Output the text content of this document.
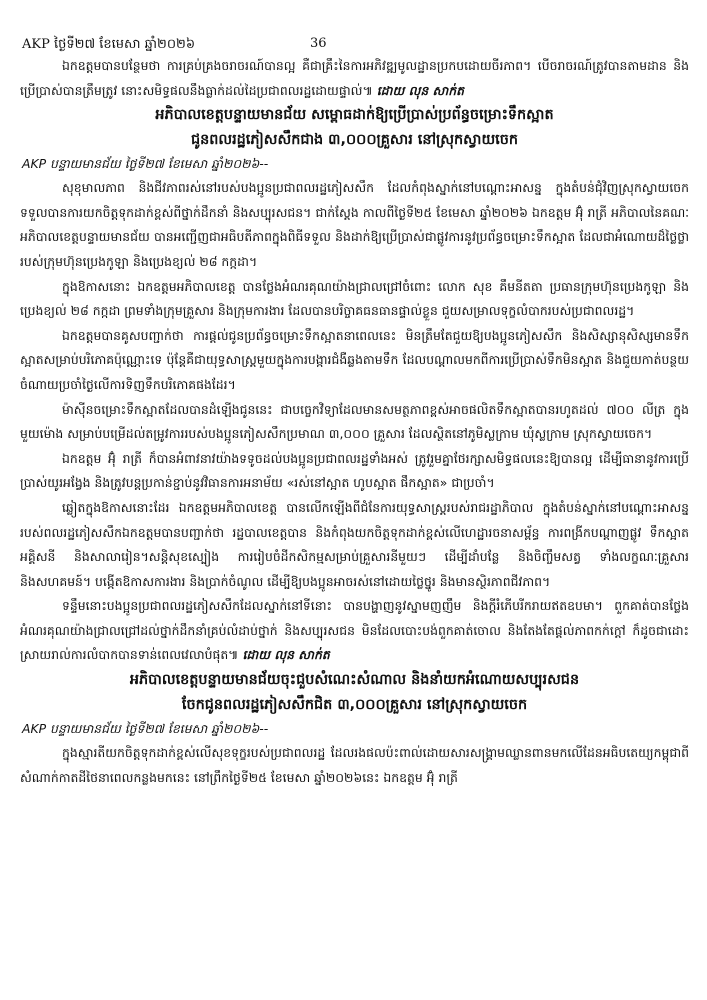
AKP ថ្ងៃទី២៧ ខែមេសា ឆ្នាំ២០២៦	36

ឯកឧត្ដមបានបន្ថែមថា ការគ្រប់គ្រងចរាចរណ៍បានល្អ គឺជាគ្រឹះនៃការអភិវឌ្ឍមូលដ្ឋានប្រកបដោយចីរភាព។ បើចរាចរណ៍ត្រូវបានតាមដាន និងប្រើប្រាស់បានត្រឹមត្រូវ នោះសមិទ្ធផលនឹងធ្លាក់ដល់ដៃប្រជាពលរដ្ឋដោយផ្ទាល់៕ ដោយ លុន សាក់ត

អភិបាលខេត្តបន្ទាយមានជ័យ សម្ពោធដាក់ឱ្យប្រើប្រាស់ប្រព័ន្ធចម្រោះទឹកស្អាត

ជូនពលរដ្ឋភៀសសឹកជាង ៣,០០០គ្រួសារ នៅស្រុកស្វាយចេក

AKP បន្ទាយមានជ័យ ថ្ងៃទី២៧ ខែមេសា ឆ្នាំ២០២៦--

សុខុមាលភាព និងជីវភាពរស់នៅរបស់បងប្អូនប្រជាពលរដ្ឋភៀសសឹក ដែលកំពុងស្នាក់នៅបណ្ដោះអាសន្ន ក្នុងតំបន់ជុំវិញស្រុកស្វាយចេក ទទួលបានការយកចិត្តទុកដាក់ខ្ពស់ពីថ្នាក់ដឹកនាំ និងសប្បុរសជន។ ជាក់ស្ដែង កាលពីថ្ងៃទី២៥ ខែមេសា ឆ្នាំ២០២៦ ឯកឧត្តម អ៊ុំ រាត្រី អភិបាលនៃគណៈអភិបាលខេត្តបន្ទាយមានជ័យ បានអញ្ជើញជាអធិបតីភាពក្នុងពិធីទទួល និងដាក់ឱ្យប្រើប្រាស់ជាផ្លូវការនូវប្រព័ន្ធចម្រោះទឹកស្អាត ដែលជាអំណោយដ៏ថ្លៃថ្លារបស់ក្រុមហ៊ុនប្រេងកូឡា និងប្រេងខ្យល់ ២៨ កក្កដា។

ក្នុងឱកាសនោះ ឯកឧត្តមអភិបាលខេត្ត បានថ្លែងអំណរគុណយ៉ាងជ្រាលជ្រៅចំពោះ លោក សុខ គឹមនីតតា ប្រធានក្រុមហ៊ុនប្រេងកូឡា និងប្រេងខ្យល់ ២៨ កក្កដា ព្រមទាំងក្រុមគ្រួសារ និងក្រុមការងារ ដែលបានបរិច្ចាគធនធានផ្ទាល់ខ្លួន ជួយសម្រាលទុក្ខលំបាករបស់ប្រជាពលរដ្ឋ។

ឯកឧត្តមបានគូសបញ្ជាក់ថា ការផ្ដល់ជូនប្រព័ន្ធចម្រោះទឹកស្អាតនាពេលនេះ មិនត្រឹមតែជួយឱ្យបងប្អូនភៀសសឹក និងសិស្សានុសិស្សមានទឹកស្អាតសម្រាប់បរិភោគប៉ុណ្ណោះទេ ប៉ុន្ដែគឺជាយុទ្ធសាស្ត្រមួយក្នុងការបង្ការជំងឺឆ្លងតាមទឹក ដែលបណ្ដាលមកពីការប្រើប្រាស់ទឹកមិនស្អាត និងជួយកាត់បន្ថយចំណាយប្រចាំថ្ងៃលើការទិញទឹកបរិភោគផងដែរ។

ម៉ាស៊ីនចម្រោះទឹកស្អាតដែលបានដំឡើងជូននេះ ជាបច្ចេកវិទ្យាដែលមានសមត្ថភាពខ្ពស់អាចផលិតទឹកស្អាតបានរហូតដល់ ៧០០ លីត្រ ក្នុងមួយម៉ោង សម្រាប់បម្រើដល់តម្រូវការរបស់បងប្អូនភៀសសឹកប្រមាណ ៣,០០០ គ្រួសារ ដែលស្ថិតនៅភូមិស្លក្រាម ឃុំស្លក្រាម ស្រុកស្វាយចេក។

ឯកឧត្តម អ៊ុំ រាត្រី ក៏បានអំពាវនាវយ៉ាងទទូចដល់បងប្អូនប្រជាពលរដ្ឋទាំងអស់ ត្រូវរួមគ្នាថែរក្សាសមិទ្ធផលនេះឱ្យបានល្អ ដើម្បីធានានូវការប្រើប្រាស់យូរអង្វែង និងត្រូវបន្តប្រកាន់ខ្ជាប់នូវវិធានការអនាម័យ «រស់នៅស្អាត ហូបស្អាត ផឹកស្អាត» ជាប្រចាំ។

ឆ្លៀតក្នុងឱកាសនោះដែរ ឯកឧត្តមអភិបាលខេត្ត បានលើកឡើងពីជំនែការយុទ្ធសាស្ត្ររបស់រាជរដ្ឋាភិបាល ក្នុងតំបន់ស្នាក់នៅបណ្ដោះអាសន្នរបស់ពលរដ្ឋភៀសសឹកឯកឧត្តមបានបញ្ជាក់ថា រដ្ឋបាលខេត្តបាន និងកំពុងយកចិត្តទុកដាក់ខ្ពស់លើហេដ្ឋារចនាសម្ព័ន្ធ ការពង្រីកបណ្ដាញផ្លូវ ទឹកស្អាត អគ្គិសនី និងសាលារៀន។សន្តិសុខស្បៀង ការរៀបចំដីកសិកម្មសម្រាប់គ្រួសារនីមួយៗ ដើម្បីដាំបន្លែ និងចិញ្ចឹមសត្វ ទាំងលក្ខណៈគ្រួសារ និងសហគមន៍។ បង្កើតឱកាសការងារ និងប្រាក់ចំណូល ដើម្បីឱ្យបងប្អូនអាចរស់នៅដោយថ្លៃថ្នូរ និងមានស្ថិរភាពជីវភាព។

ទន្ទឹមនោះបងប្អូនប្រជាពលរដ្ឋភៀសសឹកដែលស្នាក់នៅទីនោះ បានបង្ហាញនូវស្នាមញញឹម និងក្ដីរំភើបរីករាយឥតឧបមា។ ពួកគាត់បានថ្លែងអំណរគុណយ៉ាងជ្រាលជ្រៅដល់ថ្នាក់ដឹកនាំគ្រប់លំដាប់ថ្នាក់ និងសប្បុរសជន មិនដែលបោះបង់ពួកគាត់ចោល និងតែងតែផ្ដល់ភាពកក់ក្ដៅ ក៏ដូចជាដោះស្រាយរាល់ការលំបាកបានទាន់ពេលវេលាបំផុត៕ ដោយ លុន សាក់ត

អភិបាលខេត្តបន្ទាយមានជ័យចុះជួបសំណេះសំណាល និងនាំយកអំណោយសប្បុរសជន

ចែកជូនពលរដ្ឋភៀសសឹកជិត ៣,០០០គ្រួសារ នៅស្រុកស្វាយចេក

AKP បន្ទាយមានជ័យ ថ្ងៃទី២៧ ខែមេសា ឆ្នាំ២០២៦--

ក្នុងស្មារតីយកចិត្តទុកដាក់ខ្ពស់លើសុខទុក្ខរបស់ប្រជាពលរដ្ឋ ដែលរងផលប៉ះពាល់ដោយសារសង្គ្រាមឈ្លានពានមកលើដែនអធិបតេយ្យកម្ពុជាពីសំណាក់កាតដីថៃនាពេលកន្លងមកនេះ នៅព្រឹកថ្ងៃទី២៥ ខែមេសា ឆ្នាំ២០២៦នេះ ឯកឧត្តម អ៊ុំ រាត្រី
